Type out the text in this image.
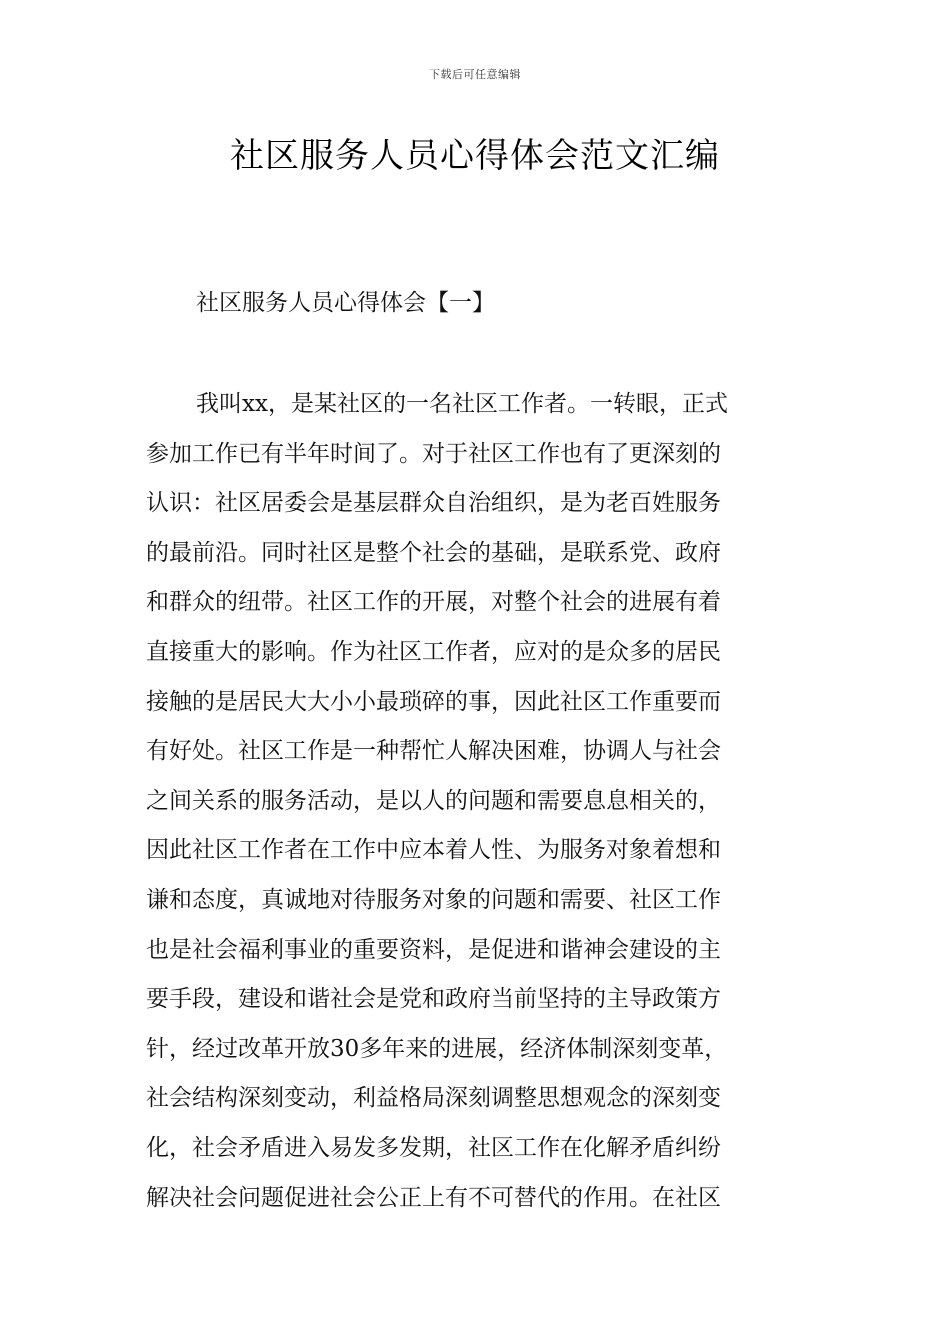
下载后可任意编辑
社区服务人员心得体会范文汇编
社区服务人员心得体会【一】
我叫xx，是某社区的一名社区工作者。一转眼，正式
参加工作已有半年时间了。对于社区工作也有了更深刻的
认识：社区居委会是基层群众自治组织，是为老百姓服务
的最前沿。同时社区是整个社会的基础，是联系党、政府
和群众的纽带。社区工作的开展，对整个社会的进展有着
直接重大的影响。作为社区工作者，应对的是众多的居民
接触的是居民大大小小最琐碎的事，因此社区工作重要而
有好处。社区工作是一种帮忙人解决困难，协调人与社会
之间关系的服务活动，是以人的问题和需要息息相关的，
因此社区工作者在工作中应本着人性、为服务对象着想和
谦和态度，真诚地对待服务对象的问题和需要、社区工作
也是社会福利事业的重要资料，是促进和谐神会建设的主
要手段，建设和谐社会是党和政府当前坚持的主导政策方
针，经过改革开放30多年来的进展，经济体制深刻变革，
社会结构深刻变动，利益格局深刻调整思想观念的深刻变
化，社会矛盾进入易发多发期，社区工作在化解矛盾纠纷
解决社会问题促进社会公正上有不可替代的作用。在社区
